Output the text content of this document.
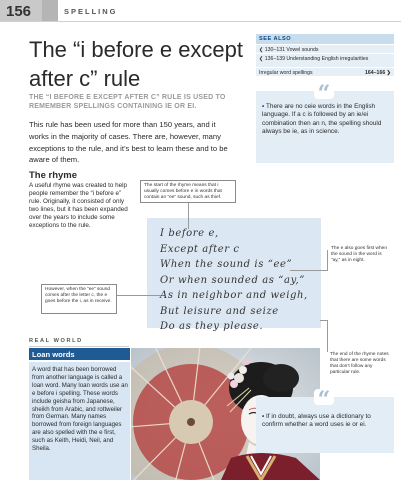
156	SPELLING
The “i before e except
after c” rule
THE “I BEFORE E EXCEPT AFTER C” RULE IS USED TO REMEMBER SPELLINGS CONTAINING IE OR EI.
This rule has been used for more than 150 years, and it works in the majority of cases. There are, however, many exceptions to the rule, and it’s best to learn these and to be aware of them.
SEE ALSO
❮ 130–131 Vowel sounds
❮ 136–139 Understanding English irregularities
Irregular word spellings	164–166 ❯
“
• There are no ceie words in the English language. If a c is followed by an ie/ei combination then an n, the spelling should always be ie, as in science.
The rhyme
A useful rhyme was created to help people remember the “i before e” rule. Originally, it consisted of only two lines, but it has been expanded over the years to include some exceptions to the rule.
I before e,
Except after c
When the sound is “ee”
Or when sounded as “ay,”
As in neighbor and weigh,
But leisure and seize
Do as they please.
The start of the rhyme means that i usually comes before e in words that contain an “ee” sound, such as thief.
The e also goes first when the sound in the word is “ay,” as in eight.
However, when the “ee” sound comes after the letter c, the e goes before the i, as in receive.
The end of the rhyme notes that there are some words that don’t follow any particular rule.
REAL WORLD
Loan words
A word that has been borrowed from another language is called a loan word. Many loan words use an e before i spelling. These words include geisha from Japanese, sheikh from Arabic, and rottweiler from German. Many names borrowed from foreign languages are also spelled with the e first, such as Keith, Heidi, Neil, and Sheila.
“
• If in doubt, always use a dictionary to confirm whether a word uses ie or ei.
